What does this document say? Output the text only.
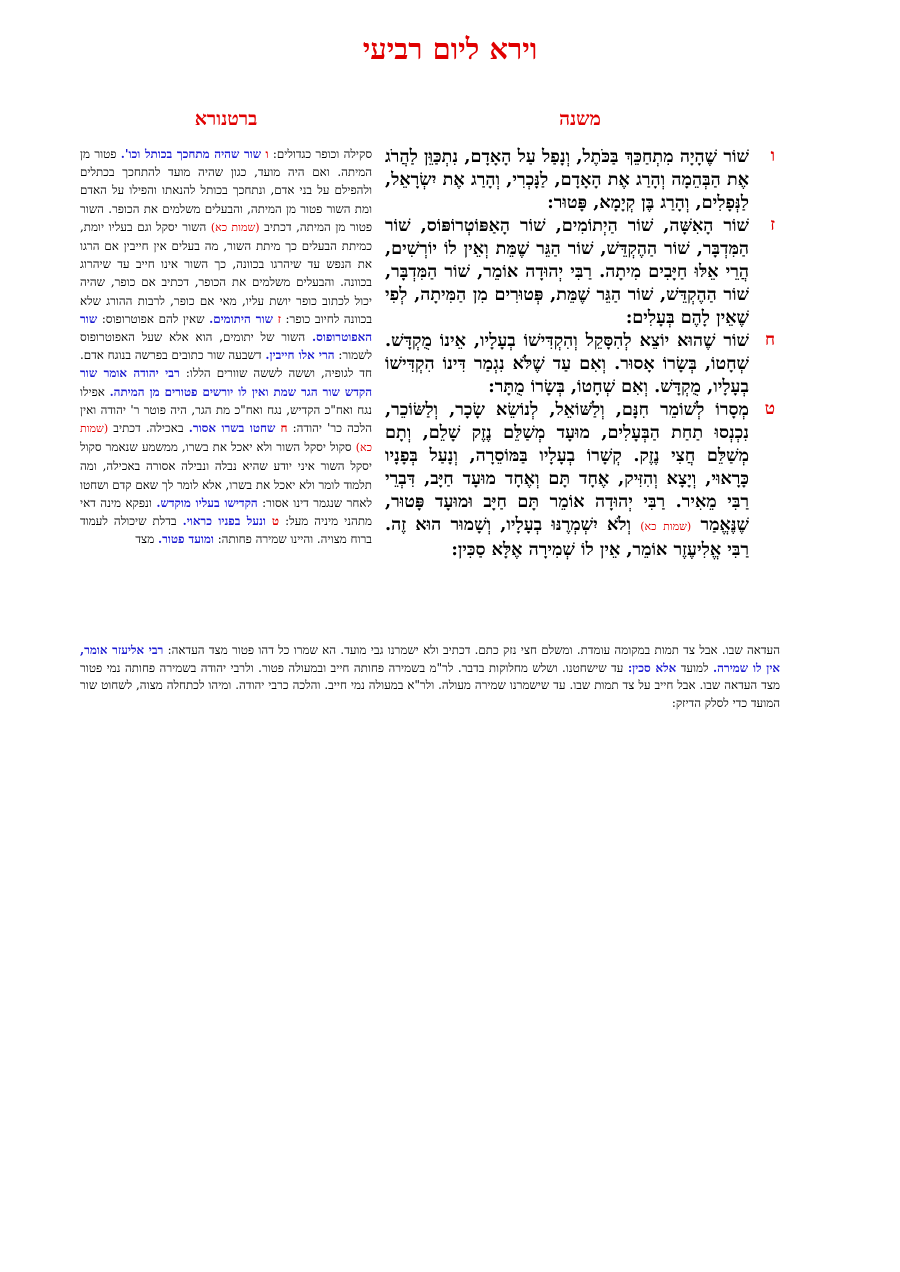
וירא ליום רביעי
משנה

ו
שׁוֹר שֶׁהָיָה מִתְחַכֵּךְ בַּכֹּתֶל, וְנָפַל עַל הָאָדָם, נִתְכַּוֵּן לַהֲרֹג אֶת הַבְּהֵמָה וְהָרַג אֶת הָאָדָם, לַנָּכְרִי, וְהָרַג אֶת יִשְׂרָאֵל, לַנְּפָלִים, וְהָרַג בֶּן קְיָמָא, פָּטוּר:

ז
שׁוֹר הָאִשָּׁה, שׁוֹר הַיְתוֹמִים, שׁוֹר הָאַפּוֹטְרוֹפּוֹס, שׁוֹר הַמִּדְבָּר, שׁוֹר הַהֶקְדֵּשׁ, שׁוֹר הַגֵּר שֶׁמֵּת וְאֵין לוֹ יוֹרְשִׁים, הֲרֵי אֵלּוּ חַיָּבִים מִיתָה. רַבִּי יְהוּדָה אוֹמֵר, שׁוֹר הַמִּדְבָּר, שׁוֹר הַהֶקְדֵּשׁ, שׁוֹר הַגֵּר שֶׁמֵּת, פְּטוּרִים מִן הַמִּיתָה, לְפִי שֶׁאֵין לָהֶם בְּעָלִים:

ח
שׁוֹר שֶׁהוּא יוֹצֵא לְהִסָּקֵל וְהִקְדִּישׁוֹ בְעָלָיו, אֵינוֹ מֻקְדָּשׁ. שְׁחָטוֹ, בְּשָׂרוֹ אָסוּר. וְאִם עַד שֶׁלֹּא נִגְמַר דִּינוֹ הִקְדִּישׁוֹ בְעָלָיו, מֻקְדָּשׁ. וְאִם שְׁחָטוֹ, בְּשָׂרוֹ מֻתָּר:

ט
מְסָרוֹ לְשׁוֹמֵר חִנָּם, וְלַשּׁוֹאֵל, לְנוֹשֵׂא שָׂכָר, וְלַשּׂוֹכֵר, נִכְנְסוּ תַחַת הַבְּעָלִים, מוּעָד מְשַׁלֵּם נֶזֶק שָׁלֵם, וְתָם מְשַׁלֵּם חֲצִי נֶזֶק. קְשָׁרוֹ בְעָלָיו בַּמּוֹסֵרָה, וְנָעַל בְּפָנָיו כָּרָאוּי, וְיָצָא וְהִזִּיק, אֶחָד תָּם וְאֶחָד מוּעָד חַיָּב, דִּבְרֵי רַבִּי מֵאִיר. רַבִּי יְהוּדָה אוֹמֵר תָּם חַיָּב וּמוּעָד פָּטוּר, שֶׁנֶּאֱמַר (שמות כא) וְלֹא יִשְׁמְרֶנּוּ בְעָלָיו, וְשָׁמוּר הוּא זֶה. רַבִּי אֱלִיעֶזֶר אוֹמֵר, אֵין לוֹ שְׁמִירָה אֶלָּא סַכִּין:

ברטנורא

סקילה וכופר כגדולים: ו שור שהיה מתחכך בכותל וכו'. פטור מן המיתה. ואם היה מועד, כגון שהיה מועד להתחכך בכתלים ולהפילם על בני אדם, ונתחכך בכותל להנאתו והפילו על האדם ומת השור פטור מן המיתה, והבעלים משלמים את הכופר. השור פטור מן המיתה, דכתיב (שמות כא) השור יסקל וגם בעליו יומת, כמיתת הבעלים כך מיתת השור, מה בעלים אין חייבין אם הרגו את הנפש עד שיהרגו בכוונה, כך השור אינו חייב עד שיהרוג בכוונה. והבעלים משלמים את הכופר, דכתיב אם כופר, שהיה יכול לכתוב כופר יושת עליו, מאי אם כופר, לרבות ההורג שלא בכוונה לחיוב כופר: ז שור היתומים. שאין להם אפוטרופוס: שור האפוטרופוס. השור של יתומים, הוא אלא שעל האפוטרופוס לשמור: הרי אלו חייבין. דשבעה שור כתובים בפרשה בנוגח אדם. חד לגופיה, וששה לששה שוורים הללו: רבי יהודה אומר שור הקדש שור הגר שמת ואין לו יורשים פטורים מן המיתה. אפילו נגח ואח"כ הקדיש, נגח ואח"כ מת הגר, היה פוטר ר' יהודה ואין הלכה כר' יהודה: ח שחטו בשרו אסור. באכילה. דכתיב (שמות כא) סקול יסקל השור ולא יאכל את בשרו, ממשמע שנאמר סקול יסקל השור איני יודע שהיא נבלה ונבילה אסורה באכילה, ומה תלמוד לומר ולא יאכל את בשרו, אלא לומר לך שאם קדם ושחטו לאחר שנגמר דינו אסור: הקדישו בעליו מוקדש. ונפקא מינה דאי מתהני מיניה מעל: ט ונעל בפניו כראוי. בדלת שיכולה לעמוד ברוח מצויה. והיינו שמירה פחותה: ומועד פטור. מצד

העדאה שבו. אבל צד תמות במקומה עומדת. ומשלם חצי נזק כתם. דכתיב ולא ישמרנו גבי מועד. הא שמרו כל דהו פטור מצד העדאה: רבי אליעזר אומר, אין לו שמירה. למועד אלא סכין: עד שישחטנו. ושלש מחלוקות בדבר. לר"מ בשמירה פחותה חייב ובמעולה פטור. ולרבי יהודה בשמירה פחותה נמי פטור מצד העדאה שבו. אבל חייב על צד תמות שבו. עד שישמרנו שמירה מעולה. ולר"א במעולה נמי חייב. והלכה כרבי יהודה. ומיהו לכתחלה מצוה, לשחוט שור המועד כדי לסלק הדיזק:
